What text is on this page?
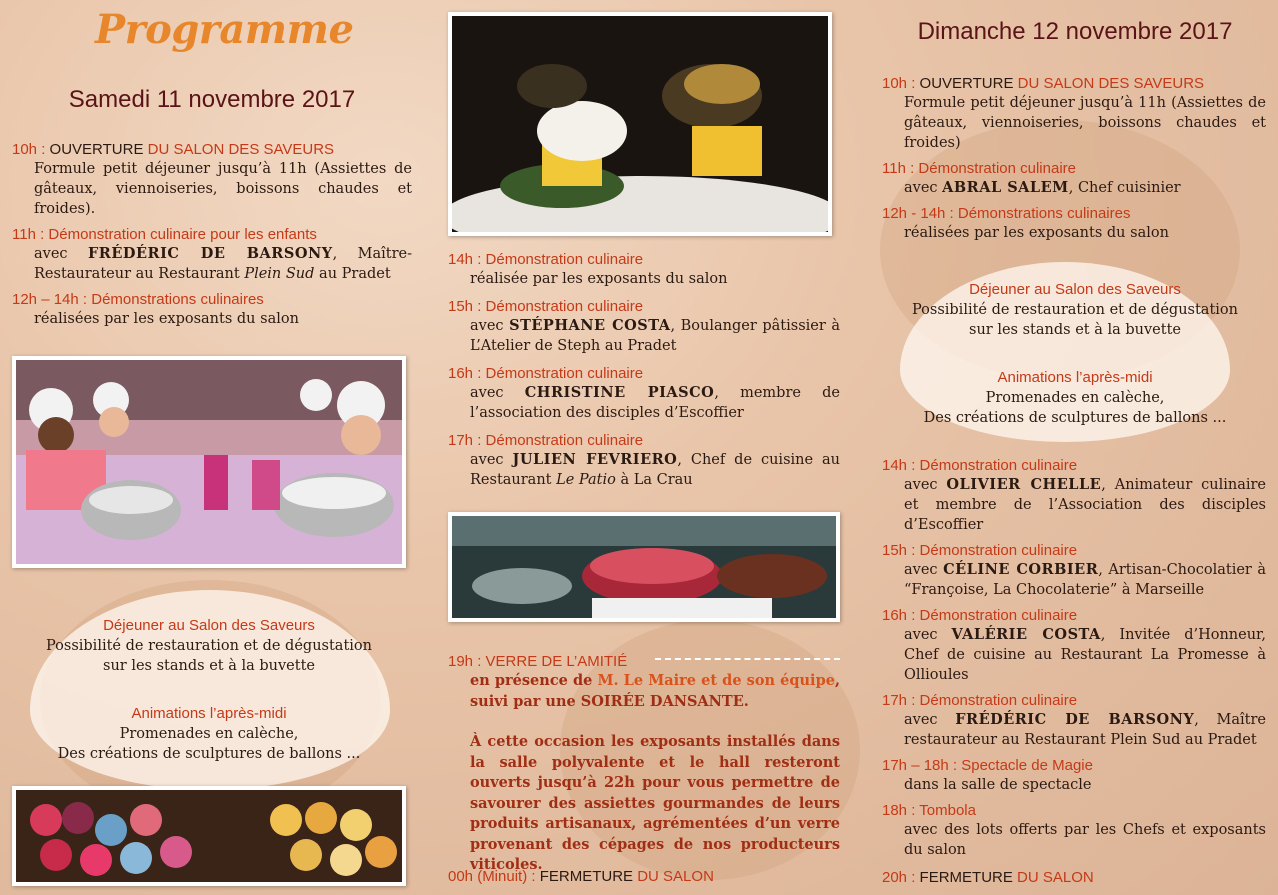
Programme
Samedi 11 novembre 2017
10h : OUVERTURE DU SALON DES SAVEURS
Formule petit déjeuner jusqu’à 11h (Assiettes de gâteaux, viennoiseries, boissons chaudes et froides).
11h : Démonstration culinaire pour les enfants
avec FRÉDÉRIC DE BARSONY, Maître-Restaurateur au Restaurant Plein Sud au Pradet
12h – 14h : Démonstrations culinaires
réalisées par les exposants du salon
Déjeuner au Salon des Saveurs
Possibilité de restauration et de dégustation
sur les stands et à la buvette
Animations l’après-midi
Promenades en calèche,
Des créations de sculptures de ballons ...
14h : Démonstration culinaire
réalisée par les exposants du salon
15h : Démonstration culinaire
avec STÉPHANE COSTA, Boulanger pâtissier à L’Atelier de Steph au Pradet
16h : Démonstration culinaire
avec CHRISTINE PIASCO, membre de l’association des disciples d’Escoffier
17h : Démonstration culinaire
avec JULIEN FEVRIERO, Chef de cuisine au Restaurant Le Patio à La Crau
19h : VERRE DE L’AMITIÉ
en présence de M. Le Maire et de son équipe, suivi par une SOIRÉE DANSANTE.
À cette occasion les exposants installés dans la salle polyvalente et le hall resteront ouverts jusqu’à 22h pour vous permettre de savourer des assiettes gourmandes de leurs produits artisanaux, agrémentées d’un verre provenant des cépages de nos producteurs viticoles.
00h (Minuit) : FERMETURE DU SALON
Dimanche 12 novembre 2017
10h : OUVERTURE DU SALON DES SAVEURS
Formule petit déjeuner jusqu’à 11h (Assiettes de gâteaux, viennoiseries, boissons chaudes et froides)
11h : Démonstration culinaire
avec ABRAL SALEM, Chef cuisinier
12h - 14h : Démonstrations culinaires
réalisées par les exposants du salon
Déjeuner au Salon des Saveurs
Possibilité de restauration et de dégustation
sur les stands et à la buvette
Animations l’après-midi
Promenades en calèche,
Des créations de sculptures de ballons ...
14h : Démonstration culinaire
avec OLIVIER CHELLE, Animateur culinaire et membre de l’Association des disciples d’Escoffier
15h : Démonstration culinaire
avec CÉLINE CORBIER, Artisan-Chocolatier à “Françoise, La Chocolaterie” à Marseille
16h : Démonstration culinaire
avec VALÉRIE COSTA, Invitée d’Honneur, Chef de cuisine au Restaurant La Promesse à Ollioules
17h : Démonstration culinaire
avec FRÉDÉRIC DE BARSONY, Maître restaurateur au Restaurant Plein Sud au Pradet
17h – 18h : Spectacle de Magie
dans la salle de spectacle
18h : Tombola
avec des lots offerts par les Chefs et exposants du salon
20h : FERMETURE DU SALON
